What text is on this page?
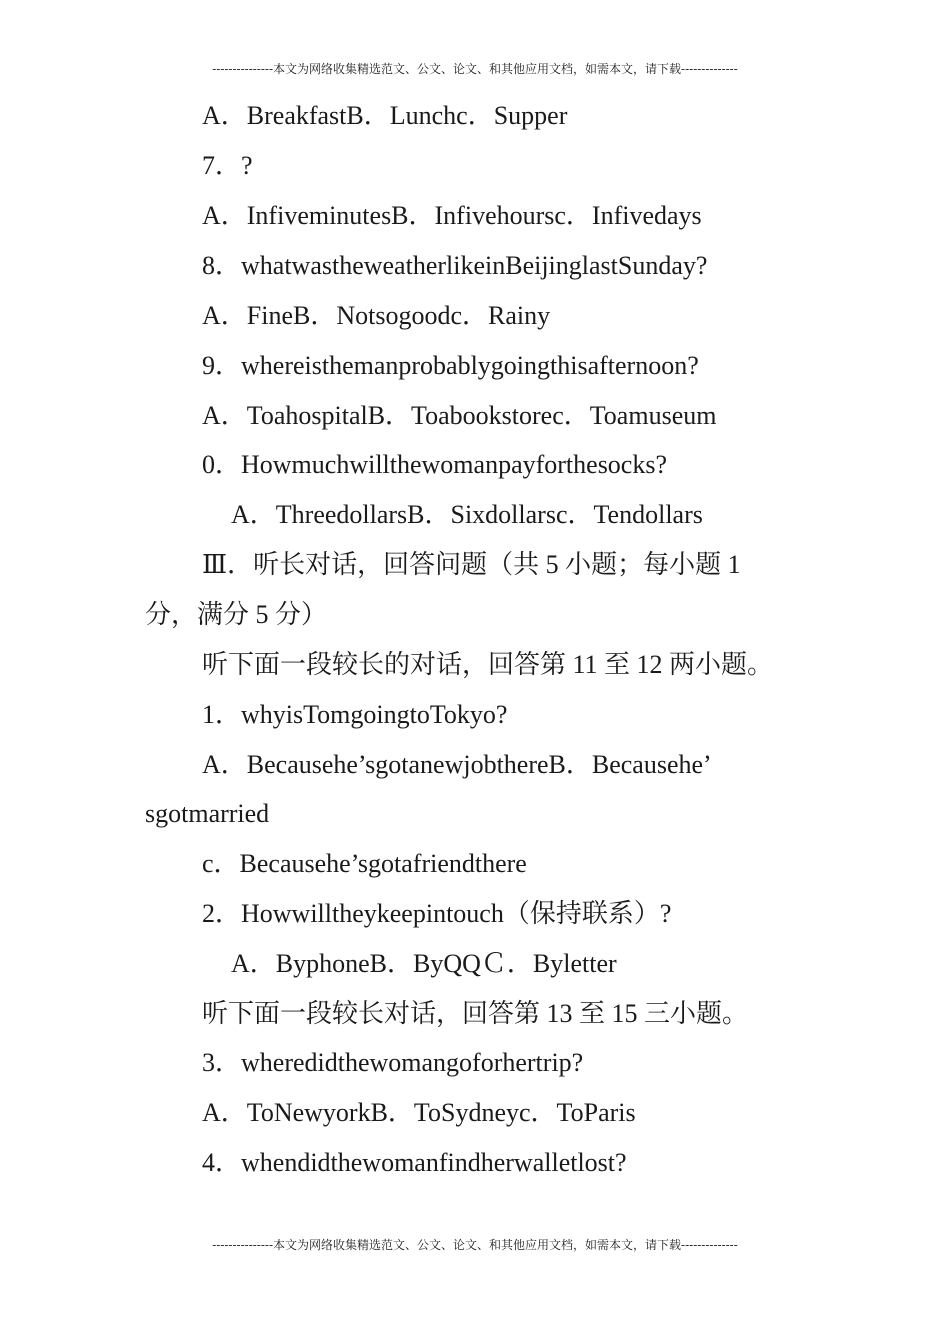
---------------本文为网络收集精选范文、公文、论文、和其他应用文档，如需本文，请下载--------------
A．BreakfastB．Lunchc．Supper
7．?
A．InfiveminutesB．Infivehoursc．Infivedays
8．whatwastheweatherlikeinBeijinglastSunday?
A．FineB．Notsogoodc．Rainy
9．whereisthemanprobablygoingthisafternoon?
A．ToahospitalB．Toabookstorec．Toamuseum
0．Howmuchwillthewomanpayforthesocks?
A．ThreedollarsB．Sixdollarsc．Tendollars
Ⅲ．听长对话，回答问题（共 5 小题；每小题 1
分，满分 5 分）
听下面一段较长的对话，回答第 11 至 12 两小题。
1．whyisTomgoingtoTokyo?
A．Becausehe’sgotanewjobthereB．Becausehe’
sgotmarried
c．Becausehe’sgotafriendthere
2．Howwilltheykeepintouch（保持联系）?
A．ByphoneB．ByQQＣ．Byletter
听下面一段较长对话，回答第 13 至 15 三小题。
3．wheredidthewomangoforhertrip?
A．ToNewyorkB．ToSydneyc．ToParis
4．whendidthewomanfindherwalletlost?
---------------本文为网络收集精选范文、公文、论文、和其他应用文档，如需本文，请下载--------------
